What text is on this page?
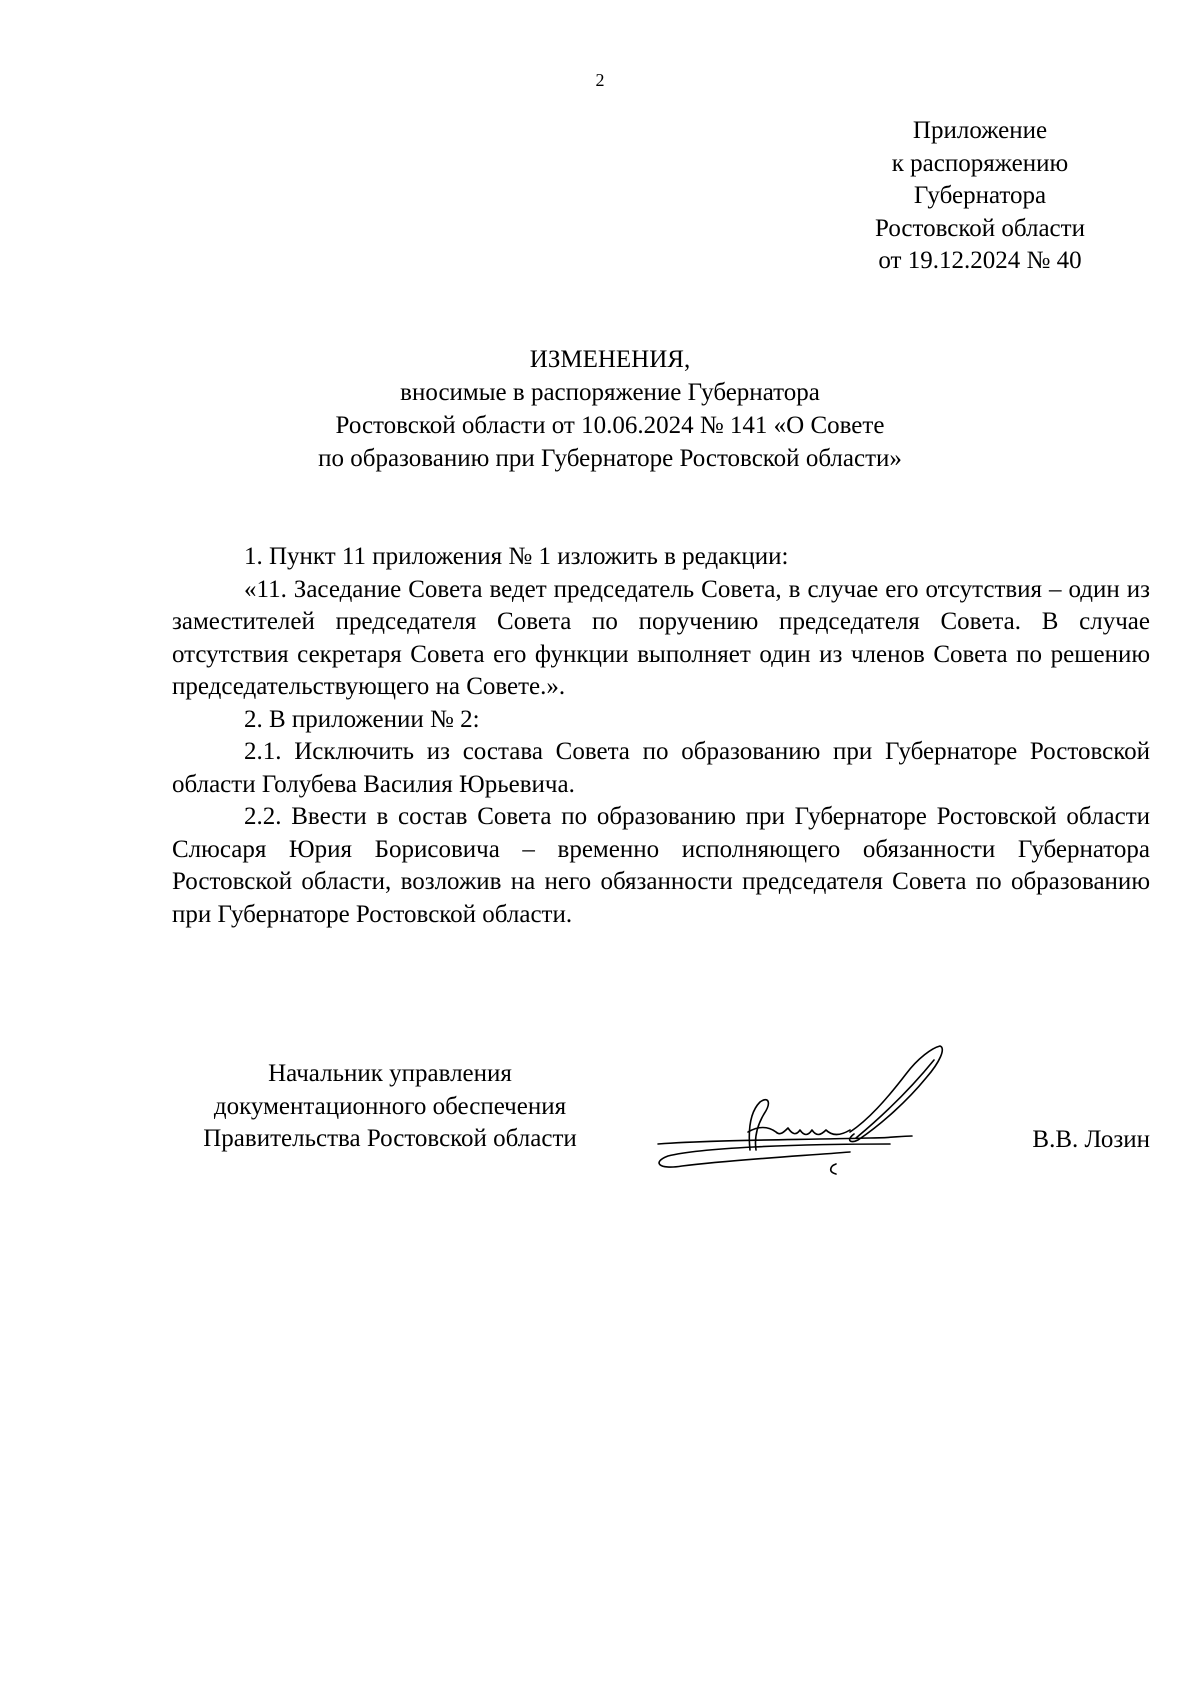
2
Приложение
к распоряжению
Губернатора
Ростовской области
от 19.12.2024 № 40
ИЗМЕНЕНИЯ,
вносимые в распоряжение Губернатора
Ростовской области от 10.06.2024 № 141 «О Совете
по образованию при Губернаторе Ростовской области»

1. Пункт 11 приложения № 1 изложить в редакции:

«11. Заседание Совета ведет председатель Совета, в случае его отсутствия – один из заместителей председателя Совета по поручению председателя Совета. В случае отсутствия секретаря Совета его функции выполняет один из членов Совета по решению председательствующего на Совете.».

2. В приложении № 2:

2.1. Исключить из состава Совета по образованию при Губернаторе Ростовской области Голубева Василия Юрьевича.

2.2. Ввести в состав Совета по образованию при Губернаторе Ростовской области Слюсаря Юрия Борисовича – временно исполняющего обязанности Губернатора Ростовской области, возложив на него обязанности председателя Совета по образованию при Губернаторе Ростовской области.

Начальник управления
документационного обеспечения
Правительства Ростовской области	В.В. Лозин
